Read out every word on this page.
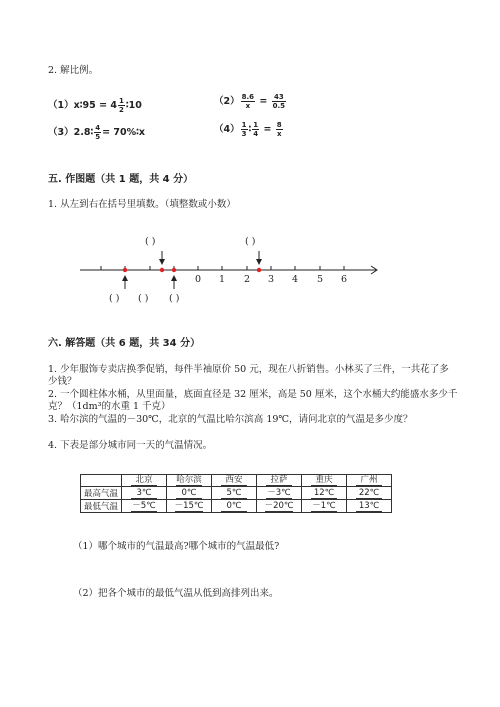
2. 解比例。
（1）x∶95 = $4 \frac{1}{2}$ ∶10	$(2) \frac{8.6}{x} = \frac{43}{0.5}$
（3）2.8∶ $\frac{4}{5}$ = 70%∶x	$(4) \frac{1}{3}$ ∶ $\frac{1}{4} = \frac{8}{x}$
五. 作图题（共 1 题，共 4 分）
1. 从左到右在括号里填数。（填整数或小数）
( )	( )
( ) ( ) ( )
0 1 2 3 4 5 6
六. 解答题（共 6 题，共 34 分）
1. 少年服饰专卖店换季促销，每件半袖原价 50 元，现在八折销售。小林买了三件，一共花了多少钱？
2. 一个圆柱体水桶，从里面量，底面直径是 32 厘米，高是 50 厘米，这个水桶大约能盛水多少千克？（1dm³的水重 1 千克）
3. 哈尔滨的气温的－30℃，北京的气温比哈尔滨高 19℃，请问北京的气温是多少度？
4. 下表是部分城市同一天的气温情况。
	北京	哈尔滨	西安	拉萨	重庆	广州
最高气温	3℃	0℃	5℃	－3℃	12℃	22℃
最低气温	－5℃	－15℃	0℃	－20℃	－1℃	13℃
（1）哪个城市的气温最高?哪个城市的气温最低?
（2）把各个城市的最低气温从低到高排列出来。
